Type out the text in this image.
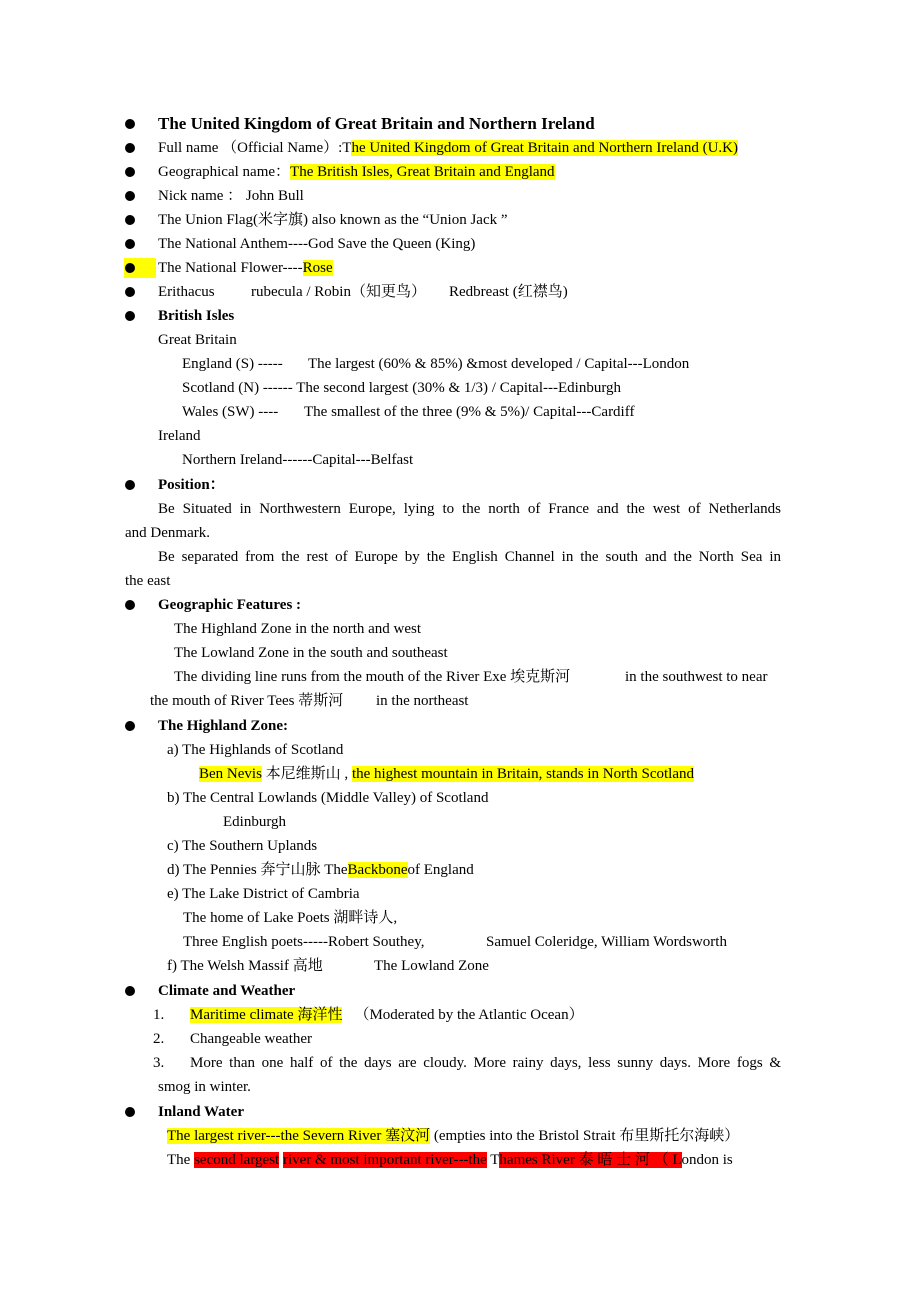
The United Kingdom of Great Britain and Northern Ireland
Full name （Official Name）:The United Kingdom of Great Britain and Northern Ireland (U.K)
Geographical name：The British Isles, Great Britain and England
Nick name ： John Bull
The Union Flag(米字旗) also known as the “Union Jack ”
The National Anthem----God Save the Queen (King)
The National Flower----Rose
Erithacus rubecula / Robin（知更鸟） Redbreast (红襟鸟)
British Isles
Great Britain
England (S) ----- The largest (60% & 85%) &most developed / Capital---London
Scotland (N) ------ The second largest (30% & 1/3) / Capital---Edinburgh
Wales (SW) ---- The smallest of the three (9% & 5%)/ Capital---Cardiff
Ireland
Northern Ireland------Capital---Belfast
Position：
Be Situated in Northwestern Europe, lying to the north of France and the west of Netherlands
and Denmark.
Be separated from the rest of Europe by the English Channel in the south and the North Sea in
the east
Geographic Features :
The Highland Zone in the north and west
The Lowland Zone in the south and southeast
The dividing line runs from the mouth of the River Exe 埃克斯河	in the southwest to near
the mouth of River Tees 蒂斯河 in the northeast
The Highland Zone:
a) The Highlands of Scotland
Ben Nevis 本尼维斯山 , the highest mountain in Britain, stands in North Scotland
b) The Central Lowlands (Middle Valley) of Scotland
Edinburgh
c) The Southern Uplands
d) The Pennies 奔宁山脉 TheBackboneof England
e) The Lake District of Cambria
The home of Lake Poets 湖畔诗人,
Three English poets-----Robert Southey,	Samuel Coleridge, William Wordsworth
f) The Welsh Massif 高地	The Lowland Zone
Climate and Weather
1. Maritime climate 海洋性 （Moderated by the Atlantic Ocean）
2. Changeable weather
3. More than one half of the days are cloudy. More rainy days, less sunny days. More fogs &
smog in winter.
Inland Water
The largest river---the Severn River 塞汶河 (empties into the Bristol Strait 布里斯托尔海峡）
The second largest river & most important river---the Thames River 泰 晤 士 河 （ London is
